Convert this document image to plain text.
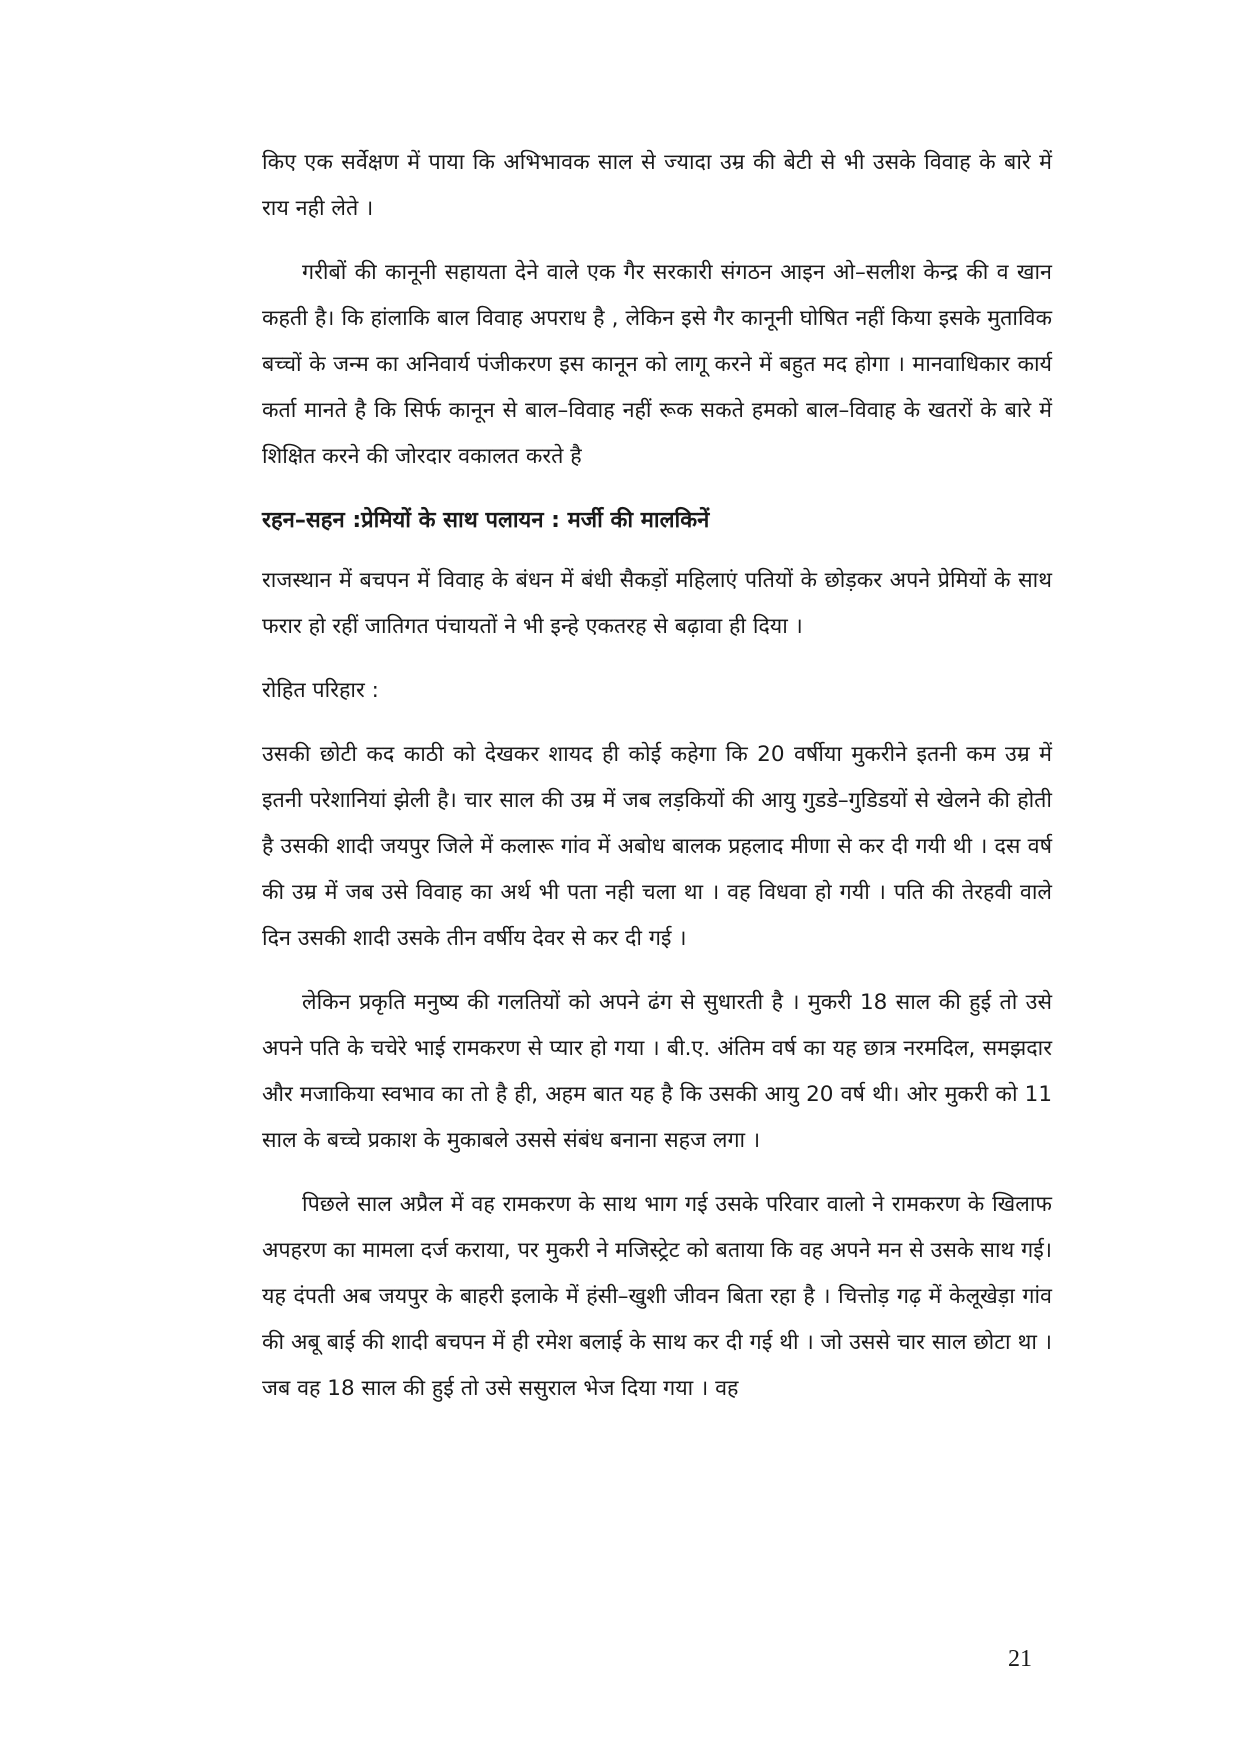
किए एक सर्वेक्षण में पाया कि अभिभावक साल से ज्यादा उम्र की बेटी से भी उसके विवाह के बारे में राय नही लेते ।

गरीबों की कानूनी सहायता देने वाले एक गैर सरकारी संगठन आइन ओ–सलीश केन्द्र की व खान कहती है। कि हांलाकि बाल विवाह अपराध है , लेकिन इसे गैर कानूनी घोषित नहीं किया इसके मुताविक बच्चों के जन्म का अनिवार्य पंजीकरण इस कानून को लागू करने में बहुत मद होगा । मानवाधिकार कार्य कर्ता मानते है कि सिर्फ कानून से बाल–विवाह नहीं रूक सकते हमको बाल–विवाह के खतरों के बारे में शिक्षित करने की जोरदार वकालत करते है

रहन–सहन :प्रेमियों के साथ पलायन : मर्जी की मालकिनें

राजस्थान में बचपन में विवाह के बंधन में बंधी सैकड़ों महिलाएं पतियों के छोड़कर अपने प्रेमियों के साथ फरार हो रहीं जातिगत पंचायतों ने भी इन्हे एकतरह से बढ़ावा ही दिया ।

रोहित परिहार :

उसकी छोटी कद काठी को देखकर शायद ही कोई कहेगा कि 20 वर्षीया मुकरीने इतनी कम उम्र में इतनी परेशानियां झेली है। चार साल की उम्र में जब लड़कियों की आयु गुडडे–गुडिडयों से खेलने की होती है उसकी शादी जयपुर जिले में कलारू गांव में अबोध बालक प्रहलाद मीणा से कर दी गयी थी । दस वर्ष की उम्र में जब उसे विवाह का अर्थ भी पता नही चला था । वह विधवा हो गयी । पति की तेरहवी वाले दिन उसकी शादी उसके तीन वर्षीय देवर से कर दी गई ।

लेकिन प्रकृति मनुष्य की गलतियों को अपने ढंग से सुधारती है । मुकरी 18 साल की हुई तो उसे अपने पति के चचेरे भाई रामकरण से प्यार हो गया । बी.ए. अंतिम वर्ष का यह छात्र नरमदिल, समझदार और मजाकिया स्वभाव का तो है ही, अहम बात यह है कि उसकी आयु 20 वर्ष थी। ओर मुकरी को 11 साल के बच्चे प्रकाश के मुकाबले उससे संबंध बनाना सहज लगा ।

पिछले साल अप्रैल में वह रामकरण के साथ भाग गई उसके परिवार वालो ने रामकरण के खिलाफ अपहरण का मामला दर्ज कराया, पर मुकरी ने मजिस्ट्रेट को बताया कि वह अपने मन से उसके साथ गई। यह दंपती अब जयपुर के बाहरी इलाके में हंसी–खुशी जीवन बिता रहा है । चित्तोड़ गढ़ में केलूखेड़ा गांव की अबू बाई की शादी बचपन में ही रमेश बलाई के साथ कर दी गई थी । जो उससे चार साल छोटा था । जब वह 18 साल की हुई तो उसे ससुराल भेज दिया गया । वह

21
